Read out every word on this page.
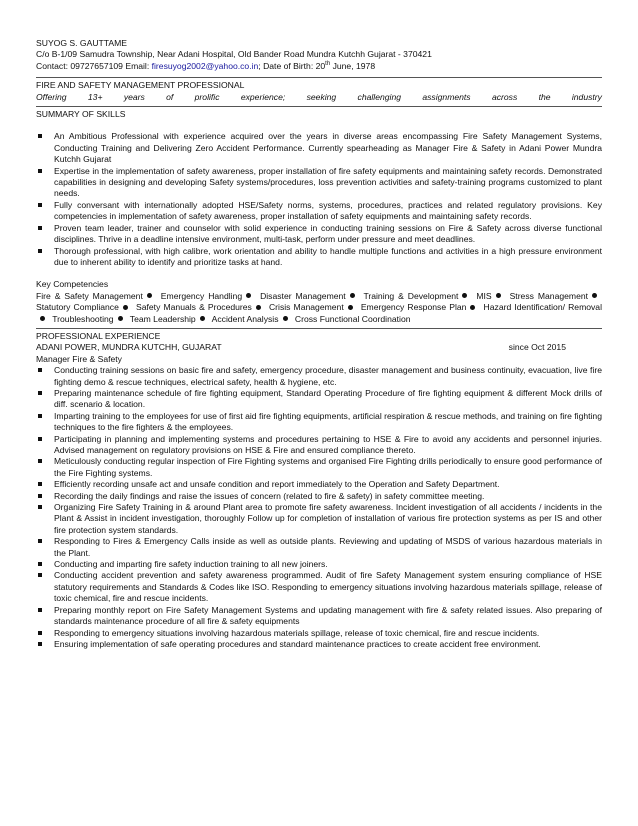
SUYOG S. GAUTTAME
C/o B-1/09 Samudra Township, Near Adani Hospital, Old Bander Road Mundra Kutchh Gujarat - 370421
Contact: 09727657109 Email: firesuyog2002@yahoo.co.in; Date of Birth: 20th June, 1978
FIRE AND SAFETY MANAGEMENT PROFESSIONAL
Offering 13+ years of prolific experience; seeking challenging assignments across the industry
SUMMARY OF SKILLS
An Ambitious Professional with experience acquired over the years in diverse areas encompassing Fire Safety Management Systems, Conducting Training and Delivering Zero Accident Performance. Currently spearheading as Manager Fire & Safety in Adani Power Mundra Kutchh Gujarat
Expertise in the implementation of safety awareness, proper installation of fire safety equipments and maintaining safety records. Demonstrated capabilities in designing and developing Safety systems/procedures, loss prevention activities and safety-training programs customized to plant needs.
Fully conversant with internationally adopted HSE/Safety norms, systems, procedures, practices and related regulatory provisions. Key competencies in implementation of safety awareness, proper installation of safety equipments and maintaining safety records.
Proven team leader, trainer and counselor with solid experience in conducting training sessions on Fire & Safety across diverse functional disciplines. Thrive in a deadline intensive environment, multi-task, perform under pressure and meet deadlines.
Thorough professional, with high calibre, work orientation and ability to handle multiple functions and activities in a high pressure environment due to inherent ability to identify and prioritize tasks at hand.
Key Competencies
Fire & Safety Management Emergency Handling Disaster Management Training & Development MIS Stress Management Statutory Compliance Safety Manuals & Procedures Crisis Management Emergency Response Plan Hazard Identification/ Removal Troubleshooting Team Leadership Accident Analysis Cross Functional Coordination
PROFESSIONAL EXPERIENCE
ADANI POWER, MUNDRA KUTCHH, GUJARAT	since Oct 2015
Manager Fire & Safety
Conducting training sessions on basic fire and safety, emergency procedure, disaster management and business continuity, evacuation, live fire fighting demo & rescue techniques, electrical safety, health & hygiene, etc.
Preparing maintenance schedule of fire fighting equipment, Standard Operating Procedure of fire fighting equipment & different Mock drills of diff. scenario & location.
Imparting training to the employees for use of first aid fire fighting equipments, artificial respiration & rescue methods, and training on fire fighting techniques to the fire fighters & the employees.
Participating in planning and implementing systems and procedures pertaining to HSE & Fire to avoid any accidents and personnel injuries. Advised management on regulatory provisions on HSE & Fire and ensured compliance thereto.
Meticulously conducting regular inspection of Fire Fighting systems and organised Fire Fighting drills periodically to ensure good performance of the Fire Fighting systems.
Efficiently recording unsafe act and unsafe condition and report immediately to the Operation and Safety Department.
Recording the daily findings and raise the issues of concern (related to fire & safety) in safety committee meeting.
Organizing Fire Safety Training in & around Plant area to promote fire safety awareness. Incident investigation of all accidents / incidents in the Plant & Assist in incident investigation, thoroughly Follow up for completion of installation of various fire protection systems as per IS and other fire protection system standards.
Responding to Fires & Emergency Calls inside as well as outside plants. Reviewing and updating of MSDS of various hazardous materials in the Plant.
Conducting and imparting fire safety induction training to all new joiners.
Conducting accident prevention and safety awareness programmed. Audit of fire Safety Management system ensuring compliance of HSE statutory requirements and Standards & Codes like ISO. Responding to emergency situations involving hazardous materials spillage, release of toxic chemical, fire and rescue incidents.
Preparing monthly report on Fire Safety Management Systems and updating management with fire & safety related issues. Also preparing of standards maintenance procedure of all fire & safety equipments
Responding to emergency situations involving hazardous materials spillage, release of toxic chemical, fire and rescue incidents.
Ensuring implementation of safe operating procedures and standard maintenance practices to create accident free environment.
